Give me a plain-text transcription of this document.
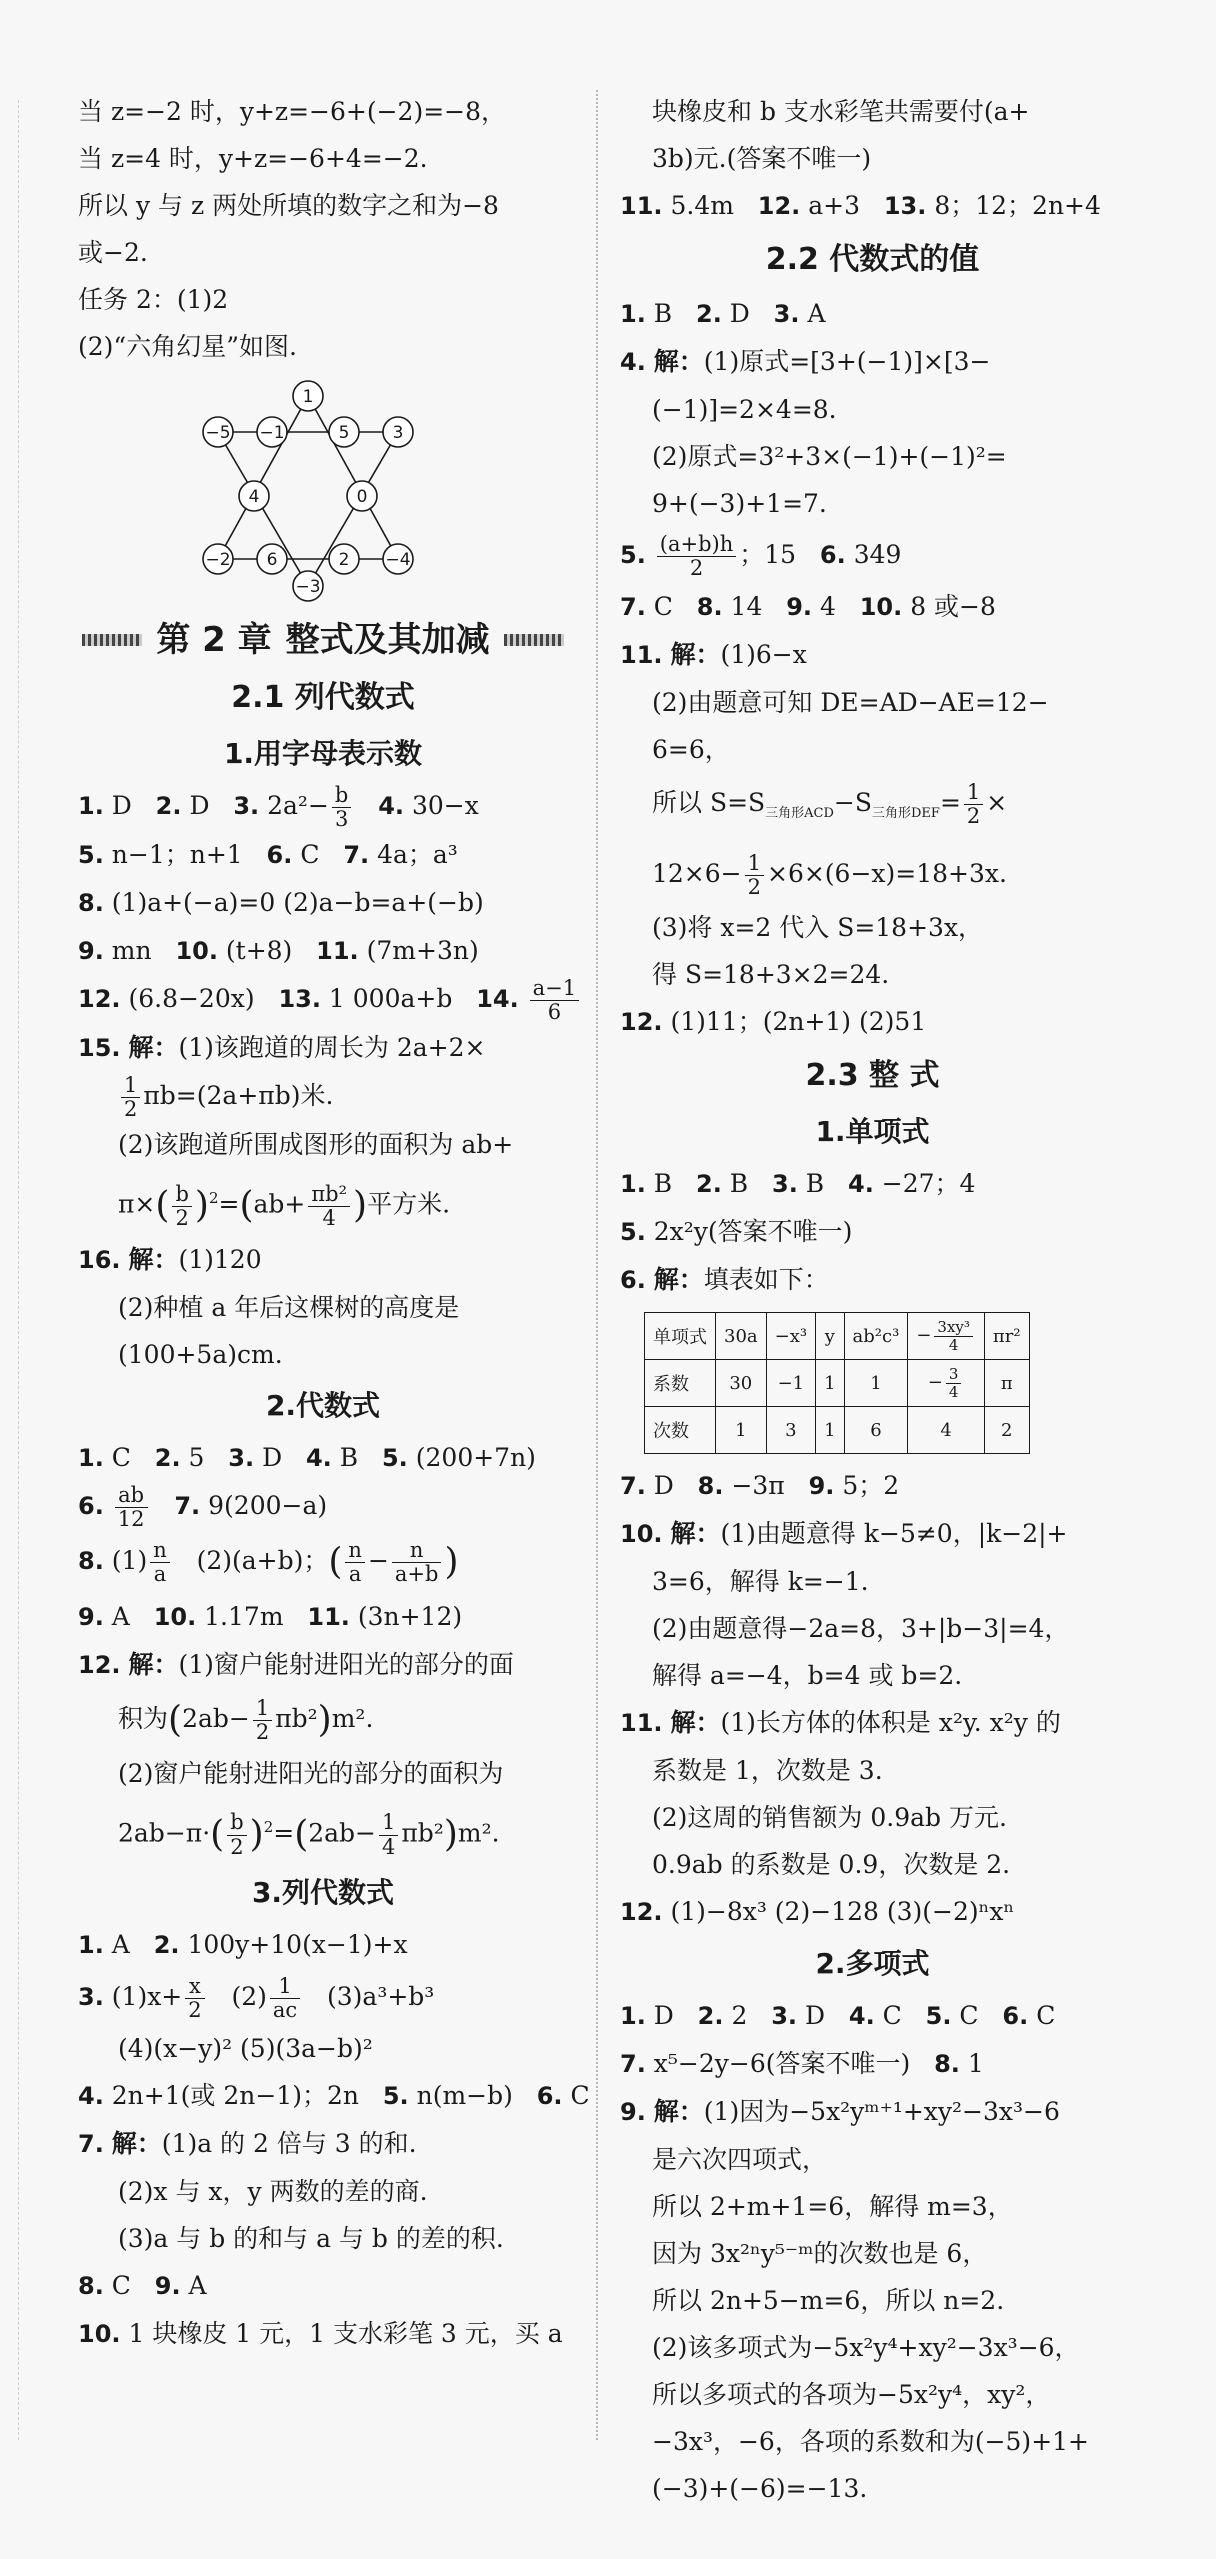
当 z=−2 时，y+z=−6+(−2)=−8，

当 z=4 时，y+z=−6+4=−2.

所以 y 与 z 两处所填的数字之和为−8

或−2.

任务 2：(1)2

(2)“六角幻星”如图.

1
−5 −1	5	3
4	0
−2 6	2 −4
−3
第 2 章 整式及其加减
2.1 列代数式
1.用字母表示数

1. D 2. D 3. $2a^2- \frac{b}{3} 4$. 30−x

5. n−1；n+1 6. C 7. 4a；a³

8. (1)a+(−a)=0 (2)a−b=a+(−b)

9. mn 10. (t+8) 11. (7m+3n)

12. (6.8−20x) 13. 1 000a+b 14. $\frac{a-1}{6}$

15. 解：(1)该跑道的周长为 2a+2×

$\frac{1}{2} \pi b=(2a+\pi b)$米.

(2)该跑道所围成图形的面积为 ab+

$\pi\times( \frac{b}{2} )^2=(ab+ \frac{\text{πb²}}{4}$ )平方米.

16. 解：(1)120

(2)种植 a 年后这棵树的高度是

(100+5a)cm.

2.代数式

1. C 2. 5 3. D 4. B 5. (200+7n)

6. $\frac{ab}{12} 7$. 9(200−a)

8. $(1) \frac{n}{a} (2)(a+b)$；( $\frac{n}{a} - \frac{n}{a+b}$ )

9. A 10. 1.17m 11. (3n+12)

12. 解：(1)窗户能射进阳光的部分的面

积为$(2ab- \frac{1}{2} \pi b^2)m^2$.

(2)窗户能射进阳光的部分的面积为

$2ab-\pi\cdot( \frac{b}{2} )^2=(2ab- \frac{1}{4} \pi b^2)m^2$.

3.列代数式

1. A 2. 100y+10(x−1)+x

3. $(1)x+ \frac{x}{2} (2) \frac{1}{ac} (3)a^3+b^3$

(4)(x−y)² (5)(3a−b)²

4. 2n+1(或 2n−1)；2n 5. n(m−b) 6. C

7. 解：(1)a 的 2 倍与 3 的和.

(2)x 与 x，y 两数的差的商.

(3)a 与 b 的和与 a 与 b 的差的积.

8. C 9. A

10. 1 块橡皮 1 元，1 支水彩笔 3 元，买 a

块橡皮和 b 支水彩笔共需要付(a+

3b)元.(答案不唯一)

11. 5.4m 12. a+3 13. 8；12；2n+4

2.2 代数式的值

1. B 2. D 3. A

4. 解：(1)原式=[3+(−1)]×[3−

(−1)]=2×4=8.

(2)原式=3²+3×(−1)+(−1)²=

9+(−3)+1=7.

5. $\frac{(a+b)h}{2}$ ；15 6. 349

7. C 8. 14 9. 4 10. 8 或−8

11. 解：(1)6−x

(2)由题意可知 DE=AD−AE=12−

6=6，

所以 $S=S_{三角形ACD}-S_{三角形DEF}= \frac{1}{2}$ ×

$12\times 6- \frac{1}{2} \times 6\times(6-x)=18+3x$.

(3)将 x=2 代入 S=18+3x，

得 S=18+3×2=24.

12. (1)11；(2n+1) (2)51

2.3 整 式
1.单项式

1. B 2. B 3. B 4. −27；4

5. 2x²y(答案不唯一)

6. 解：填表如下：

单项式	30a	−x³	y	ab²c³	− $\frac{\text{3xy³}}{4}$	πr²
系数	30	−1	1	1	− $\frac{3}{4}$	π
次数	1	3	1	6	4	2

7. D 8. −3π 9. 5；2

10. 解：(1)由题意得 k−5≠0，|k−2|+

3=6，解得 k=−1.

(2)由题意得−2a=8，3+|b−3|=4，

解得 a=−4，b=4 或 b=2.

11. 解：(1)长方体的体积是 x²y. x²y 的

系数是 1，次数是 3.

(2)这周的销售额为 0.9ab 万元.

0.9ab 的系数是 0.9，次数是 2.

12. (1)−8x³ (2)−128 (3)(−2)ⁿxⁿ

2.多项式

1. D 2. 2 3. D 4. C 5. C 6. C

7. x⁵−2y−6(答案不唯一) 8. 1

9. 解：(1)因为−5x²yᵐ⁺¹+xy²−3x³−6

是六次四项式，

所以 2+m+1=6，解得 m=3，

因为 3x²ⁿy⁵⁻ᵐ的次数也是 6，

所以 2n+5−m=6，所以 n=2.

(2)该多项式为−5x²y⁴+xy²−3x³−6，

所以多项式的各项为−5x²y⁴，xy²，

−3x³，−6，各项的系数和为(−5)+1+

(−3)+(−6)=−13.
